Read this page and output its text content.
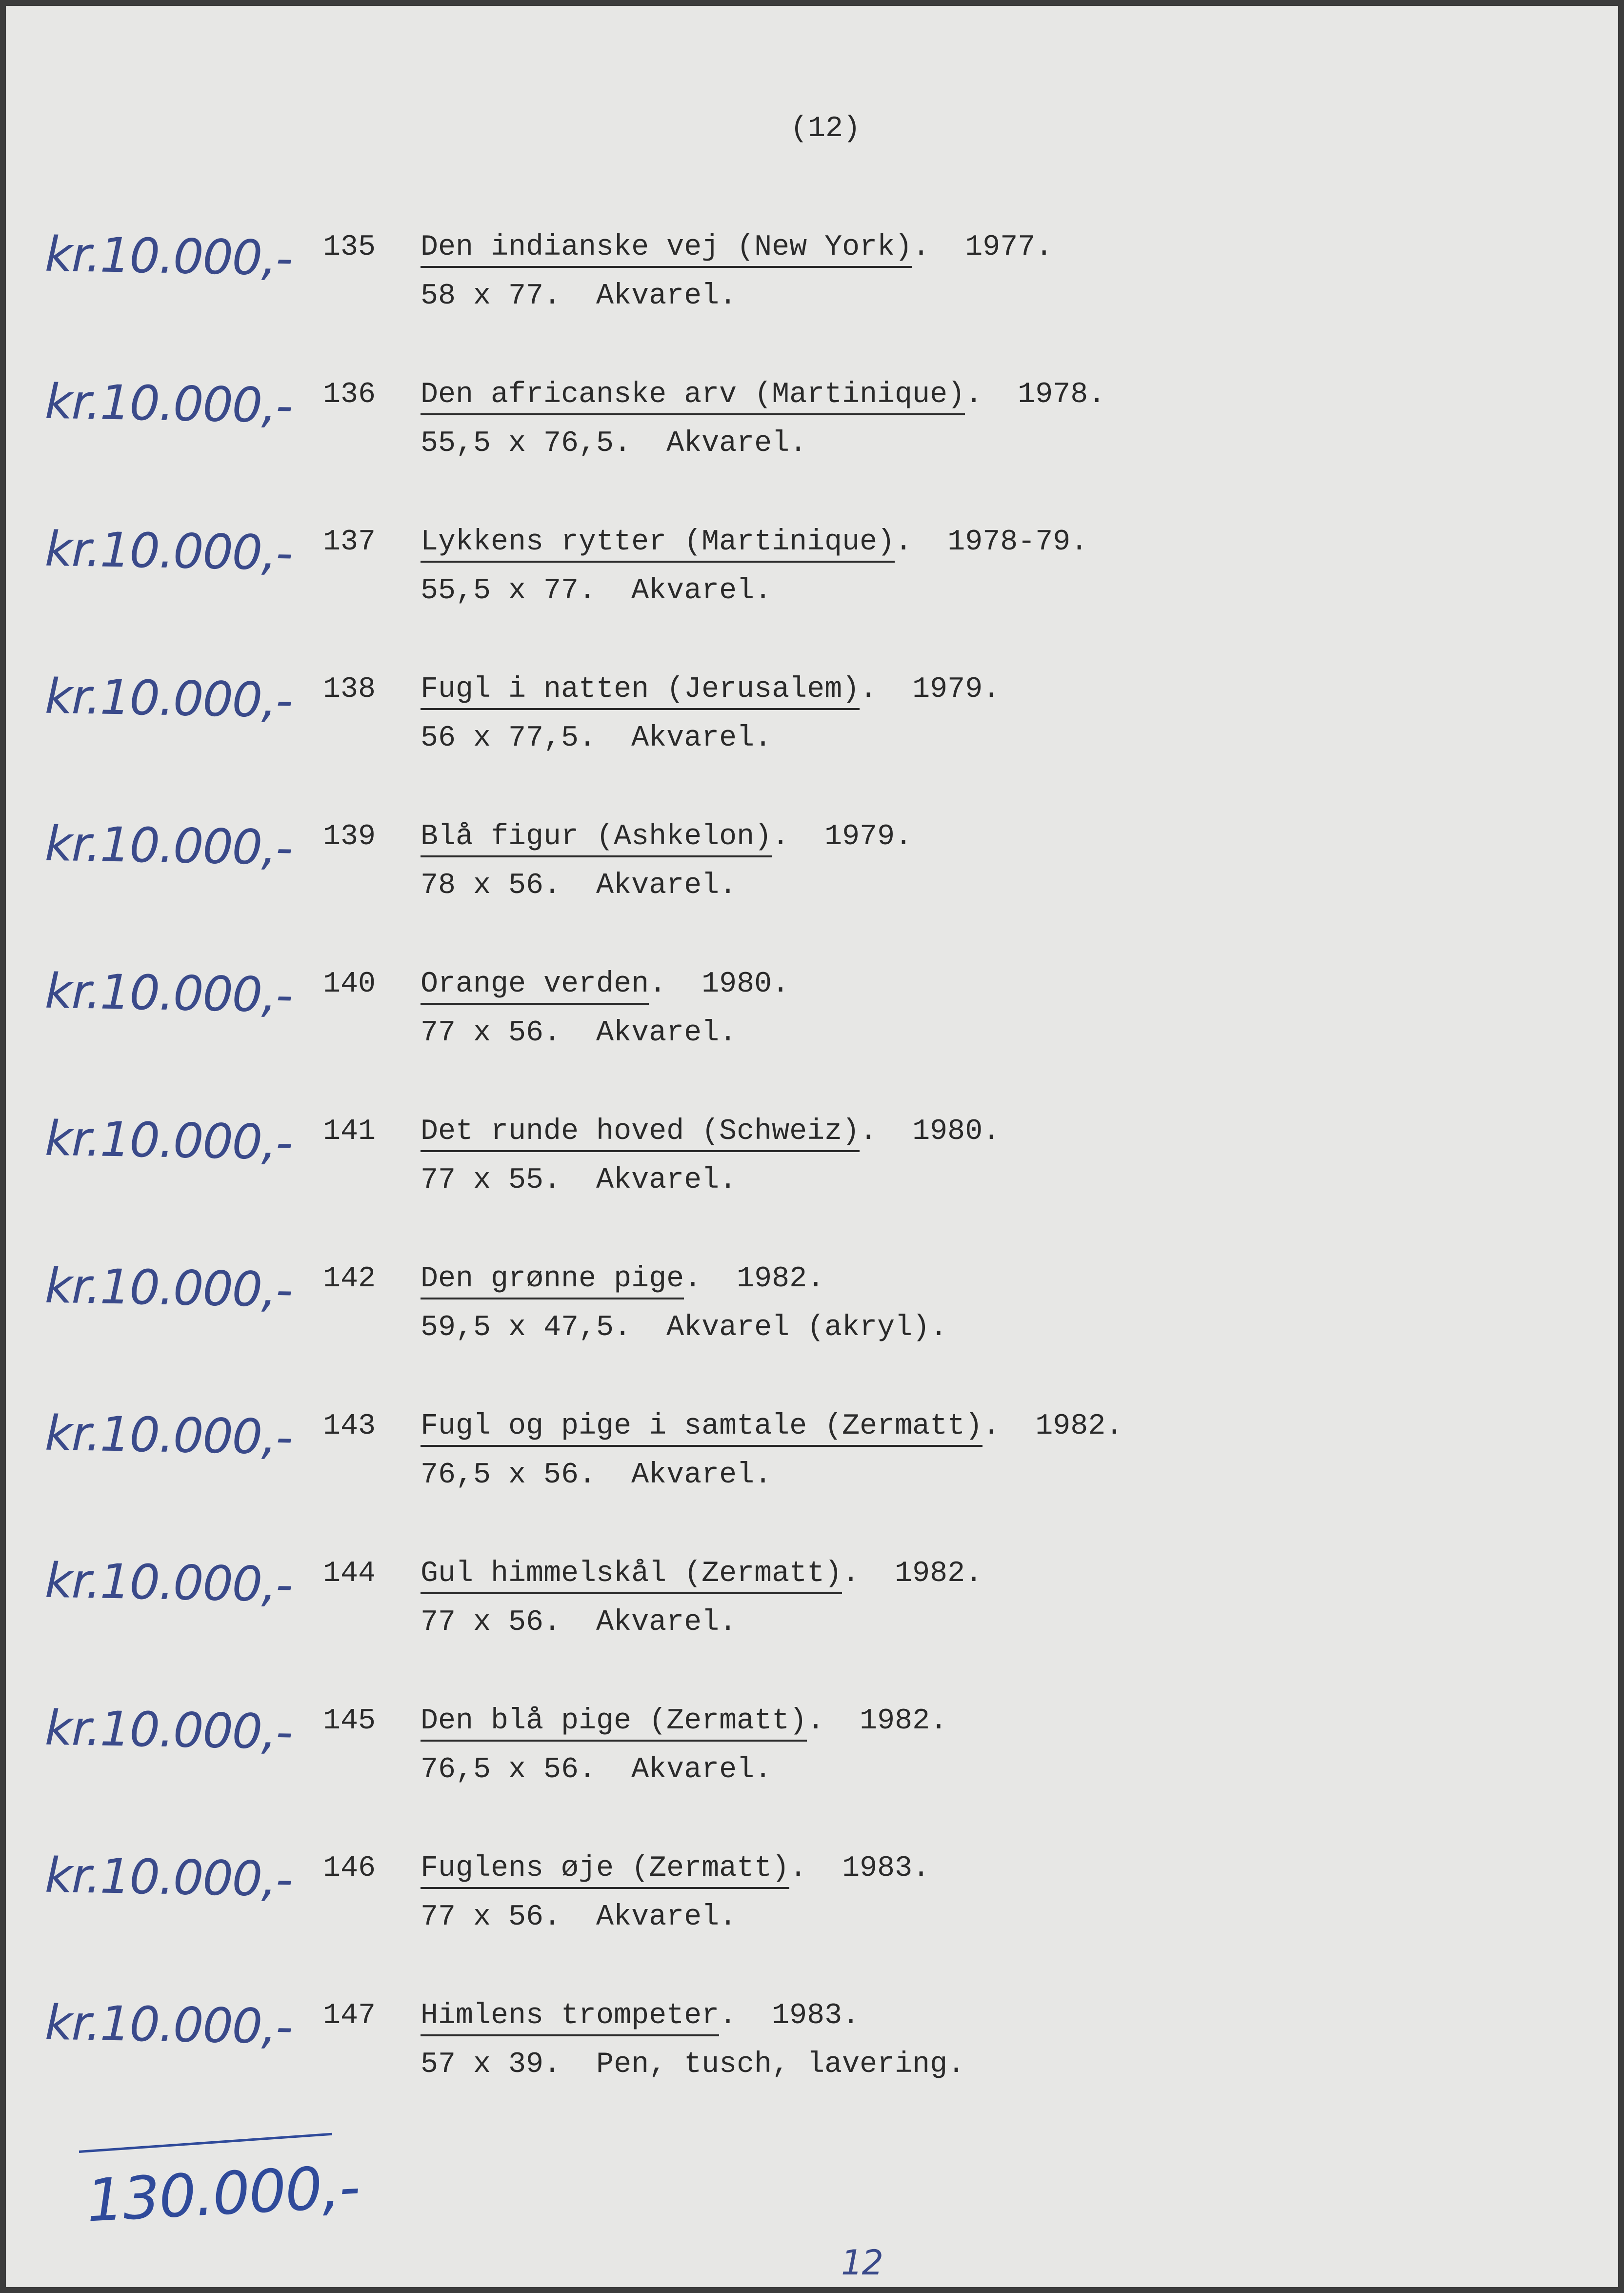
(12)
kr.10.000,- 135 Den indianske vej (New York).  1977.
58 x 77.  Akvarel.
kr.10.000,- 136 Den africanske arv (Martinique).  1978.
55,5 x 76,5.  Akvarel.
kr.10.000,- 137 Lykkens rytter (Martinique).  1978-79.
55,5 x 77.  Akvarel.
kr.10.000,- 138 Fugl i natten (Jerusalem).  1979.
56 x 77,5.  Akvarel.
kr.10.000,- 139 Blå figur (Ashkelon).  1979.
78 x 56.  Akvarel.
kr.10.000,- 140 Orange verden.  1980.
77 x 56.  Akvarel.
kr.10.000,- 141 Det runde hoved (Schweiz).  1980.
77 x 55.  Akvarel.
kr.10.000,- 142 Den grønne pige.  1982.
59,5 x 47,5.  Akvarel (akryl).
kr.10.000,- 143 Fugl og pige i samtale (Zermatt).  1982.
76,5 x 56.  Akvarel.
kr.10.000,- 144 Gul himmelskål (Zermatt).  1982.
77 x 56.  Akvarel.
kr.10.000,- 145 Den blå pige (Zermatt).  1982.
76,5 x 56.  Akvarel.
kr.10.000,- 146 Fuglens øje (Zermatt).  1983.
77 x 56.  Akvarel.
kr.10.000,- 147 Himlens trompeter.  1983.
57 x 39.  Pen, tusch, lavering.
130.000,-
12
